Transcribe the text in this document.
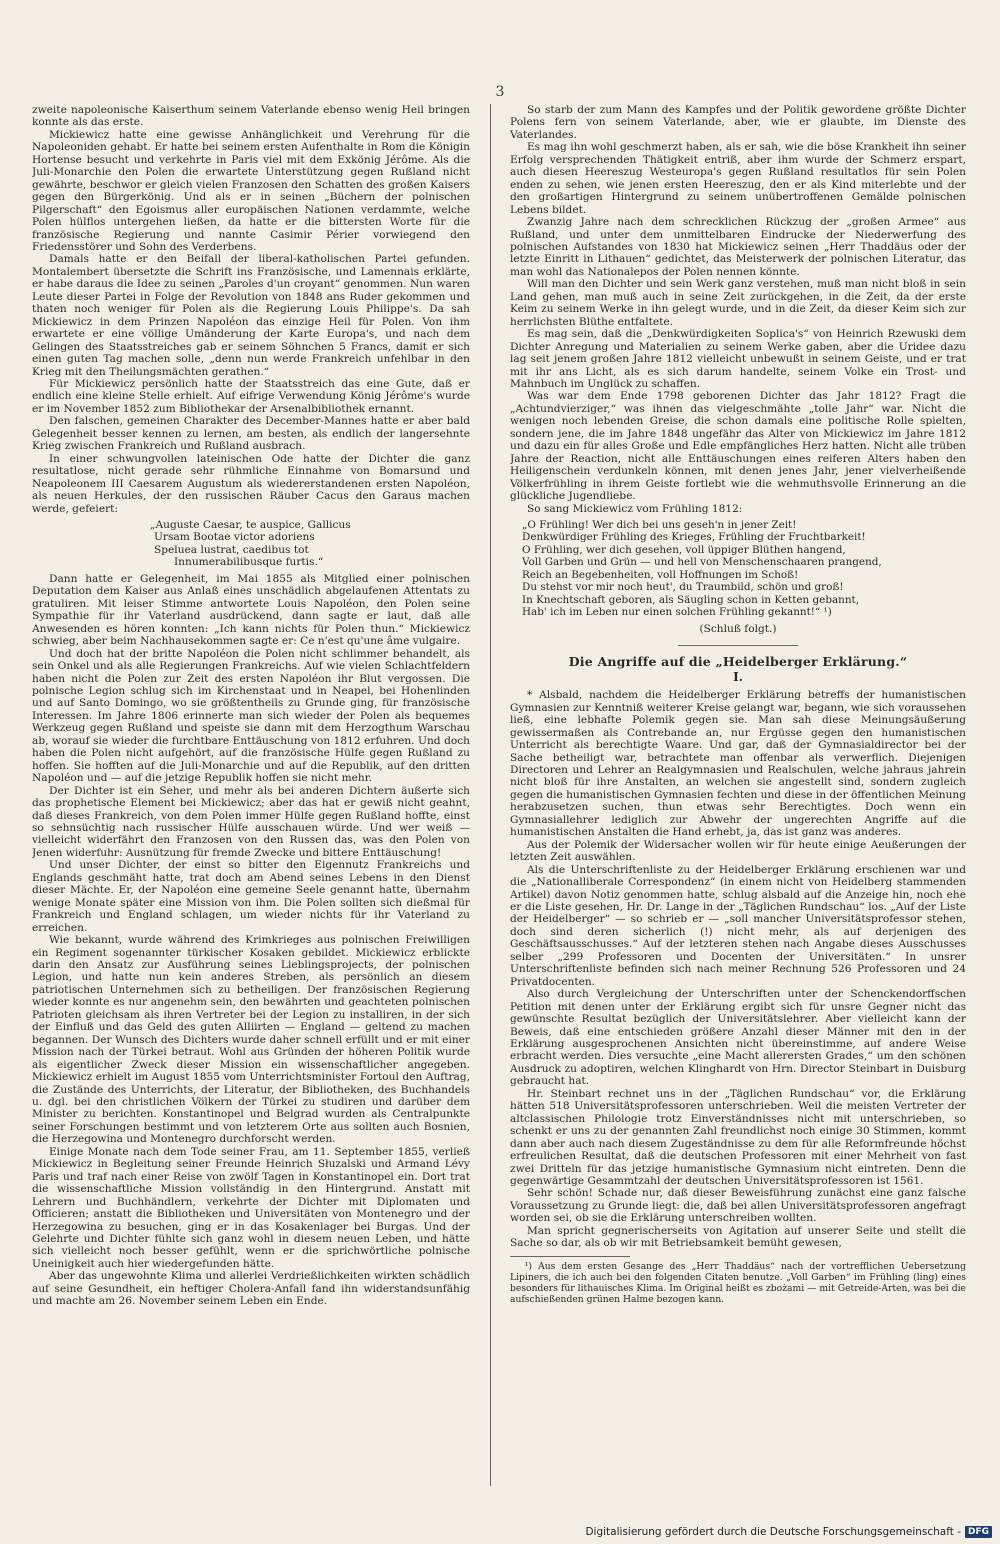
3

zweite napoleonische Kaiserthum seinem Vaterlande ebenso wenig Heil bringen konnte als das erste.

Mickiewicz hatte eine gewisse Anhänglichkeit und Verehrung für die Napoleoniden gehabt. Er hatte bei seinem ersten Aufenthalte in Rom die Königin Hortense besucht und verkehrte in Paris viel mit dem Exkönig Jérôme. Als die Juli-Monarchie den Polen die erwartete Unterstützung gegen Rußland nicht gewährte, beschwor er gleich vielen Franzosen den Schatten des großen Kaisers gegen den Bürgerkönig. Und als er in seinen „Büchern der polnischen Pilgerschaft“ den Egoismus aller europäischen Nationen verdammte, welche Polen hülflos untergehen ließen, da hatte er die bittersten Worte für die französische Regierung und nannte Casimir Périer vorwiegend den Friedensstörer und Sohn des Verderbens.

Damals hatte er den Beifall der liberal-katholischen Partei gefunden. Montalembert übersetzte die Schrift ins Französische, und Lamennais erklärte, er habe daraus die Idee zu seinen „Paroles d'un croyant“ genommen. Nun waren Leute dieser Partei in Folge der Revolution von 1848 ans Ruder gekommen und thaten noch weniger für Polen als die Regierung Louis Philippe's. Da sah Mickiewicz in dem Prinzen Napoléon das einzige Heil für Polen. Von ihm erwartete er eine völlige Umänderung der Karte Europa's, und nach dem Gelingen des Staatsstreiches gab er seinem Söhnchen 5 Francs, damit er sich einen guten Tag machen solle, „denn nun werde Frankreich unfehlbar in den Krieg mit den Theilungsmächten gerathen.“

Für Mickiewicz persönlich hatte der Staatsstreich das eine Gute, daß er endlich eine kleine Stelle erhielt. Auf eifrige Verwendung König Jérôme's wurde er im November 1852 zum Bibliothekar der Arsenalbibliothek ernannt.

Den falschen, gemeinen Charakter des December-Mannes hatte er aber bald Gelegenheit besser kennen zu lernen, am besten, als endlich der langersehnte Krieg zwischen Frankreich und Rußland ausbrach.

In einer schwungvollen lateinischen Ode hatte der Dichter die ganz resultatlose, nicht gerade sehr rühmliche Einnahme von Bomarsund und Neapoleonem III Caesarem Augustum als wiedererstandenen ersten Napoléon, als neuen Herkules, der den russischen Räuber Cacus den Garaus machen werde, gefeiert:

„Auguste Caesar, te auspice, Gallicus
Ursam Bootae victor adoriens
Speluea lustrat, caedibus tot
Innumerabilibusque furtis.“

Dann hatte er Gelegenheit, im Mai 1855 als Mitglied einer polnischen Deputation dem Kaiser aus Anlaß eines unschädlich abgelaufenen Attentats zu gratuliren. Mit leiser Stimme antwortete Louis Napoléon, den Polen seine Sympathie für ihr Vaterland ausdrückend, dann sagte er laut, daß alle Anwesenden es hören konnten: „Ich kann nichts für Polen thun.“ Mickiewicz schwieg, aber beim Nachhausekommen sagte er: Ce n'est qu'une âme vulgaire.

Und doch hat der britte Napoléon die Polen nicht schlimmer behandelt, als sein Onkel und als alle Regierungen Frankreichs. Auf wie vielen Schlachtfeldern haben nicht die Polen zur Zeit des ersten Napoléon ihr Blut vergossen. Die polnische Legion schlug sich im Kirchenstaat und in Neapel, bei Hohenlinden und auf Santo Domingo, wo sie größtentheils zu Grunde ging, für französische Interessen. Im Jahre 1806 erinnerte man sich wieder der Polen als bequemes Werkzeug gegen Rußland und speiste sie dann mit dem Herzogthum Warschau ab, worauf sie wieder die furchtbare Enttäuschung von 1812 erfuhren. Und doch haben die Polen nicht aufgehört, auf die französische Hülfe gegen Rußland zu hoffen. Sie hofften auf die Juli-Monarchie und auf die Republik, auf den dritten Napoléon und — auf die jetzige Republik hoffen sie nicht mehr.

Der Dichter ist ein Seher, und mehr als bei anderen Dichtern äußerte sich das prophetische Element bei Mickiewicz; aber das hat er gewiß nicht geahnt, daß dieses Frankreich, von dem Polen immer Hülfe gegen Rußland hoffte, einst so sehnsüchtig nach russischer Hülfe ausschauen würde. Und wer weiß — vielleicht widerfährt den Franzosen von den Russen das, was den Polen von Jenen widerfuhr: Ausnützung für fremde Zwecke und bittere Enttäuschung!

Und unser Dichter, der einst so bitter den Eigennutz Frankreichs und Englands geschmäht hatte, trat doch am Abend seines Lebens in den Dienst dieser Mächte. Er, der Napoléon eine gemeine Seele genannt hatte, übernahm wenige Monate später eine Mission von ihm. Die Polen sollten sich dießmal für Frankreich und England schlagen, um wieder nichts für ihr Vaterland zu erreichen.

Wie bekannt, wurde während des Krimkrieges aus polnischen Freiwilligen ein Regiment sogenannter türkischer Kosaken gebildet. Mickiewicz erblickte darin den Ansatz zur Ausführung seines Lieblingsprojects, der polnischen Legion, und hatte nun kein anderes Streben, als persönlich an diesem patriotischen Unternehmen sich zu betheiligen. Der französischen Regierung wieder konnte es nur angenehm sein, den bewährten und geachteten polnischen Patrioten gleichsam als ihren Vertreter bei der Legion zu installiren, in der sich der Einfluß und das Geld des guten Alliirten — England — geltend zu machen begannen. Der Wunsch des Dichters wurde daher schnell erfüllt und er mit einer Mission nach der Türkei betraut. Wohl aus Gründen der höheren Politik wurde als eigentlicher Zweck dieser Mission ein wissenschaftlicher angegeben. Mickiewicz erhielt im August 1855 vom Unterrichtsminister Fortoul den Auftrag, die Zustände des Unterrichts, der Literatur, der Bibliotheken, des Buchhandels u. dgl. bei den christlichen Völkern der Türkei zu studiren und darüber dem Minister zu berichten. Konstantinopel und Belgrad wurden als Centralpunkte seiner Forschungen bestimmt und von letzterem Orte aus sollten auch Bosnien, die Herzegowina und Montenegro durchforscht werden.

Einige Monate nach dem Tode seiner Frau, am 11. September 1855, verließ Mickiewicz in Begleitung seiner Freunde Heinrich Słuzalski und Armand Lévy Paris und traf nach einer Reise von zwölf Tagen in Konstantinopel ein. Dort trat die wissenschaftliche Mission vollständig in den Hintergrund. Anstatt mit Lehrern und Buchhändlern, verkehrte der Dichter mit Diplomaten und Officieren; anstatt die Bibliotheken und Universitäten von Montenegro und der Herzegowina zu besuchen, ging er in das Kosakenlager bei Burgas. Und der Gelehrte und Dichter fühlte sich ganz wohl in diesem neuen Leben, und hätte sich vielleicht noch besser gefühlt, wenn er die sprichwörtliche polnische Uneinigkeit auch hier wiedergefunden hätte.

Aber das ungewohnte Klima und allerlei Verdrießlichkeiten wirkten schädlich auf seine Gesundheit, ein heftiger Cholera-Anfall fand ihn widerstandsunfähig und machte am 26. November seinem Leben ein Ende.

So starb der zum Mann des Kampfes und der Politik gewordene größte Dichter Polens fern von seinem Vaterlande, aber, wie er glaubte, im Dienste des Vaterlandes.

Es mag ihn wohl geschmerzt haben, als er sah, wie die böse Krankheit ihn seiner Erfolg versprechenden Thätigkeit entriß, aber ihm wurde der Schmerz erspart, auch diesen Heereszug Westeuropa's gegen Rußland resultatlos für sein Polen enden zu sehen, wie jenen ersten Heereszug, den er als Kind miterlebte und der den großartigen Hintergrund zu seinem unübertroffenen Gemälde polnischen Lebens bildet.

Zwanzig Jahre nach dem schrecklichen Rückzug der „großen Armee“ aus Rußland, und unter dem unmittelbaren Eindrucke der Niederwerfung des polnischen Aufstandes von 1830 hat Mickiewicz seinen „Herr Thaddäus oder der letzte Einritt in Lithauen“ gedichtet, das Meisterwerk der polnischen Literatur, das man wohl das Nationalepos der Polen nennen könnte.

Will man den Dichter und sein Werk ganz verstehen, muß man nicht bloß in sein Land gehen, man muß auch in seine Zeit zurückgehen, in die Zeit, da der erste Keim zu seinem Werke in ihn gelegt wurde, und in die Zeit, da dieser Keim sich zur herrlichsten Blüthe entfaltete.

Es mag sein, daß die „Denkwürdigkeiten Soplica's“ von Heinrich Rzewuski dem Dichter Anregung und Materialien zu seinem Werke gaben, aber die Uridee dazu lag seit jenem großen Jahre 1812 vielleicht unbewußt in seinem Geiste, und er trat mit ihr ans Licht, als es sich darum handelte, seinem Volke ein Trost- und Mahnbuch im Unglück zu schaffen.

Was war dem Ende 1798 geborenen Dichter das Jahr 1812? Fragt die „Achtundvierziger,“ was ihnen das vielgeschmähte „tolle Jahr“ war. Nicht die wenigen noch lebenden Greise, die schon damals eine politische Rolle spielten, sondern jene, die im Jahre 1848 ungefähr das Alter von Mickiewicz im Jahre 1812 und dazu ein für alles Große und Edle empfängliches Herz hatten. Nicht alle trüben Jahre der Reaction, nicht alle Enttäuschungen eines reiferen Alters haben den Heiligenschein verdunkeln können, mit denen jenes Jahr, jener vielverheißende Völkerfrühling in ihrem Geiste fortlebt wie die wehmuthsvolle Erinnerung an die glückliche Jugendliebe.

So sang Mickiewicz vom Frühling 1812:

„O Frühling! Wer dich bei uns geseh'n in jener Zeit!
Denkwürdiger Frühling des Krieges, Frühling der Fruchtbarkeit!
O Frühling, wer dich gesehen, voll üppiger Blüthen hangend,
Voll Garben und Grün — und hell von Menschenschaaren prangend,
Reich an Begebenheiten, voll Hoffnungen im Schoß!
Du stehst vor mir noch heut', du Traumbild, schön und groß!
In Knechtschaft geboren, als Säugling schon in Ketten gebannt,
Hab' ich im Leben nur einen solchen Frühling gekannt!“ ¹)
(Schluß folgt.)
Die Angriffe auf die „Heidelberger Erklärung.“
I.

* Alsbald, nachdem die Heidelberger Erklärung betreffs der humanistischen Gymnasien zur Kenntniß weiterer Kreise gelangt war, begann, wie sich voraussehen ließ, eine lebhafte Polemik gegen sie. Man sah diese Meinungsäußerung gewissermaßen als Contrebande an, nur Ergüsse gegen den humanistischen Unterricht als berechtigte Waare. Und gar, daß der Gymnasialdirector bei der Sache betheiligt war, betrachtete man offenbar als verwerflich. Diejenigen Directoren und Lehrer an Realgymnasien und Realschulen, welche jahraus jahrein nicht bloß für ihre Anstalten, an welchen sie angestellt sind, sondern zugleich gegen die humanistischen Gymnasien fechten und diese in der öffentlichen Meinung herabzusetzen suchen, thun etwas sehr Berechtigtes. Doch wenn ein Gymnasiallehrer lediglich zur Abwehr der ungerechten Angriffe auf die humanistischen Anstalten die Hand erhebt, ja, das ist ganz was anderes.

Aus der Polemik der Widersacher wollen wir für heute einige Aeußerungen der letzten Zeit auswählen.

Als die Unterschriftenliste zu der Heidelberger Erklärung erschienen war und die „Nationalliberale Correspondenz“ (in einem nicht von Heidelberg stammenden Artikel) davon Notiz genommen hatte, schlug alsbald auf die Anzeige hin, noch ehe er die Liste gesehen, Hr. Dr. Lange in der „Täglichen Rundschau“ los. „Auf der Liste der Heidelberger“ — so schrieb er — „soll mancher Universitätsprofessor stehen, doch sind deren sicherlich (!) nicht mehr, als auf derjenigen des Geschäftsausschusses.“ Auf der letzteren stehen nach Angabe dieses Ausschusses selber „299 Professoren und Docenten der Universitäten.“ In unsrer Unterschriftenliste befinden sich nach meiner Rechnung 526 Professoren und 24 Privatdocenten.

Also durch Vergleichung der Unterschriften unter der Schenckendorffschen Petition mit denen unter der Erklärung ergibt sich für unsre Gegner nicht das gewünschte Resultat bezüglich der Universitätslehrer. Aber vielleicht kann der Beweis, daß eine entschieden größere Anzahl dieser Männer mit den in der Erklärung ausgesprochenen Ansichten nicht übereinstimme, auf andere Weise erbracht werden. Dies versuchte „eine Macht allerersten Grades,“ um den schönen Ausdruck zu adoptiren, welchen Klinghardt von Hrn. Director Steinbart in Duisburg gebraucht hat.

Hr. Steinbart rechnet uns in der „Täglichen Rundschau“ vor, die Erklärung hätten 518 Universitätsprofessoren unterschrieben. Weil die meisten Vertreter der altclassischen Philologie trotz Einverständnisses nicht mit unterschrieben, so schenkt er uns zu der genannten Zahl freundlichst noch einige 30 Stimmen, kommt dann aber auch nach diesem Zugeständnisse zu dem für alle Reformfreunde höchst erfreulichen Resultat, daß die deutschen Professoren mit einer Mehrheit von fast zwei Dritteln für das jetzige humanistische Gymnasium nicht eintreten. Denn die gegenwärtige Gesammtzahl der deutschen Universitätsprofessoren ist 1561.

Sehr schön! Schade nur, daß dieser Beweisführung zunächst eine ganz falsche Voraussetzung zu Grunde liegt: die, daß bei allen Universitätsprofessoren angefragt worden sei, ob sie die Erklärung unterschreiben wollten.

Man spricht gegnerischerseits von Agitation auf unserer Seite und stellt die Sache so dar, als ob wir mit Betriebsamkeit bemüht gewesen,

¹) Aus dem ersten Gesange des „Herr Thaddäus“ nach der vortrefflichen Uebersetzung Lipiners, die ich auch bei den folgenden Citaten benutze. „Voll Garben“ im Frühling (ling) eines besonders für lithauisches Klima. Im Original heißt es zbożami — mit Getreide-Arten, was bei die aufschießenden grünen Halme bezogen kann.

Digitalisierung gefördert durch die Deutsche Forschungsgemeinschaft - DFG
